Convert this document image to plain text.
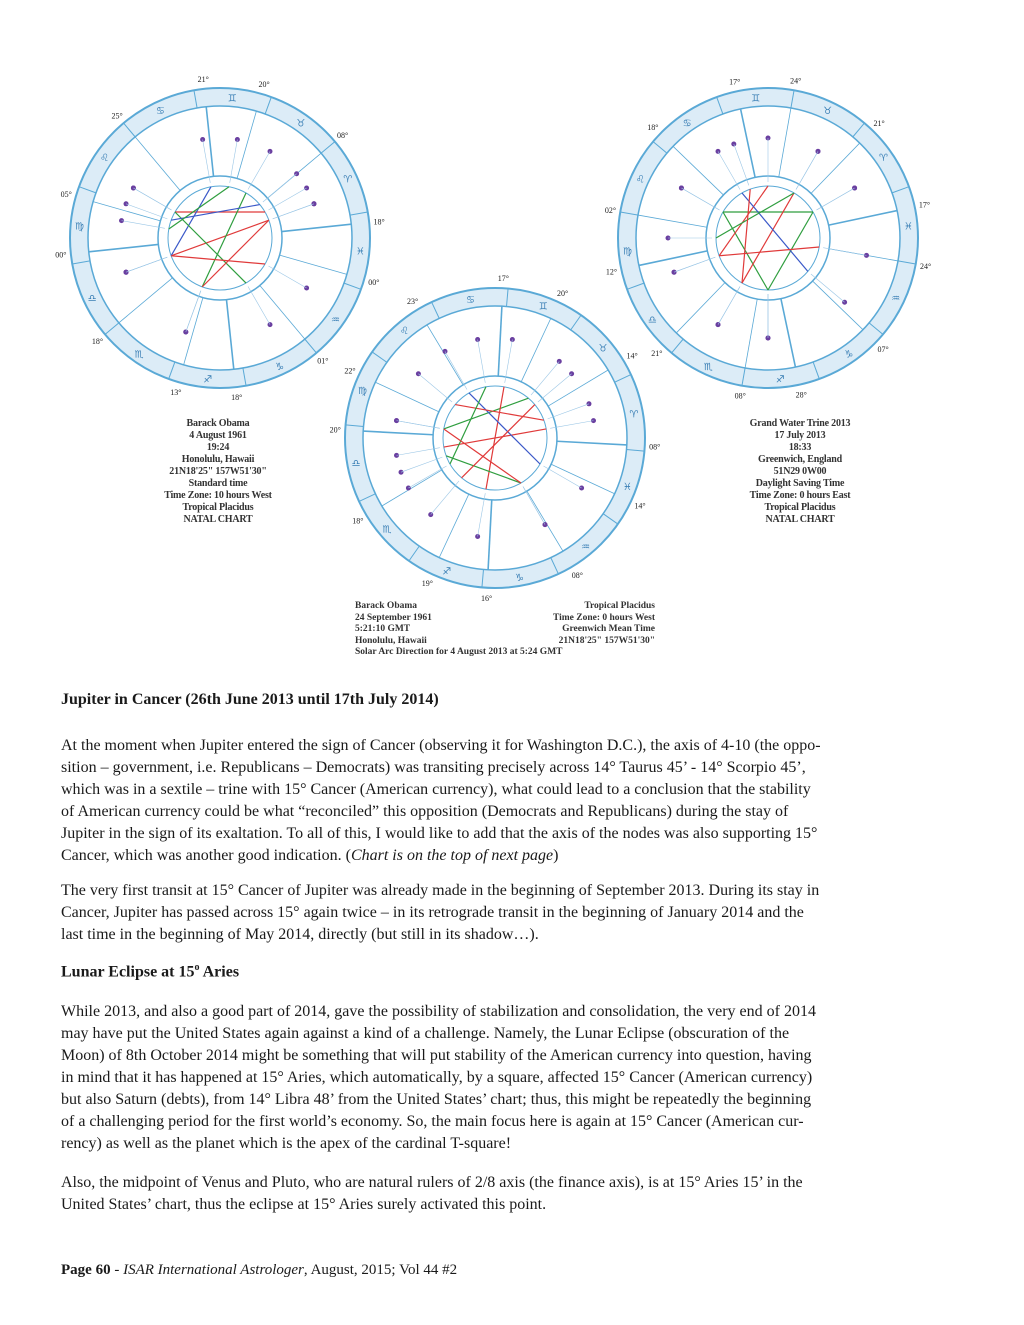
♈
♉
♊
♋
♌
♍
♎
♏
♐
♑
♒
♓
18°
08°
20°
21°
25°
05°
00°
18°
13°
18°
01°
00°
Barack Obama
4 August 1961
19:24
Honolulu, Hawaii
21N18'25" 157W51'30"
Standard time
Time Zone: 10 hours West
Tropical Placidus
NATAL CHART
♈
♉
♊
♋
♌
♍
♎
♏
♐
♑
♒
♓
08°
14°
20°
17°
23°
22°
20°
18°
19°
16°
08°
14°
Barack Obama
24 September 1961
5:21:10 GMT
Honolulu, Hawaii
Solar Arc Direction for 4 August 2013 at 5:24 GMT
Tropical Placidus
Time Zone: 0 hours West
Greenwich Mean Time
21N18'25" 157W51'30"
♈
♉
♊
♋
♌
♍
♎
♏
♐
♑
♒
♓
17°
21°
24°
17°
18°
02°
12°
21°
08°	28°
07°
24°
Grand Water Trine 2013
17 July 2013
18:33
Greenwich, England
51N29 0W00
Daylight Saving Time
Time Zone: 0 hours East
Tropical Placidus
NATAL CHART
Jupiter in Cancer (26th June 2013 until 17th July 2014)
At the moment when Jupiter entered the sign of Cancer (observing it for Washington D.C.), the axis of 4-10 (the oppo-
sition – government, i.e. Republicans – Democrats) was transiting precisely across 14° Taurus 45’ - 14° Scorpio 45’,
which was in a sextile – trine with 15° Cancer (American currency), what could lead to a conclusion that the stability
of American currency could be what “reconciled” this opposition (Democrats and Republicans) during the stay of
Jupiter in the sign of its exaltation. To all of this, I would like to add that the axis of the nodes was also supporting 15°
Cancer, which was another good indication. (Chart is on the top of next page)
The very first transit at 15° Cancer of Jupiter was already made in the beginning of September 2013. During its stay in
Cancer, Jupiter has passed across 15° again twice – in its retrograde transit in the beginning of January 2014 and the
last time in the beginning of May 2014, directly (but still in its shadow…).
Lunar Eclipse at 15$^o$ Aries
While 2013, and also a good part of 2014, gave the possibility of stabilization and consolidation, the very end of 2014
may have put the United States again against a kind of a challenge. Namely, the Lunar Eclipse (obscuration of the
Moon) of 8th October 2014 might be something that will put stability of the American currency into question, having
in mind that it has happened at 15° Aries, which automatically, by a square, affected 15° Cancer (American currency)
but also Saturn (debts), from 14° Libra 48’ from the United States’ chart; thus, this might be repeatedly the beginning
of a challenging period for the first world’s economy. So, the main focus here is again at 15° Cancer (American cur-
rency) as well as the planet which is the apex of the cardinal T-square!
Also, the midpoint of Venus and Pluto, who are natural rulers of 2/8 axis (the finance axis), is at 15° Aries 15’ in the
United States’ chart, thus the eclipse at 15° Aries surely activated this point.
Page 60 - ISAR International Astrologer, August, 2015; Vol 44 #2
